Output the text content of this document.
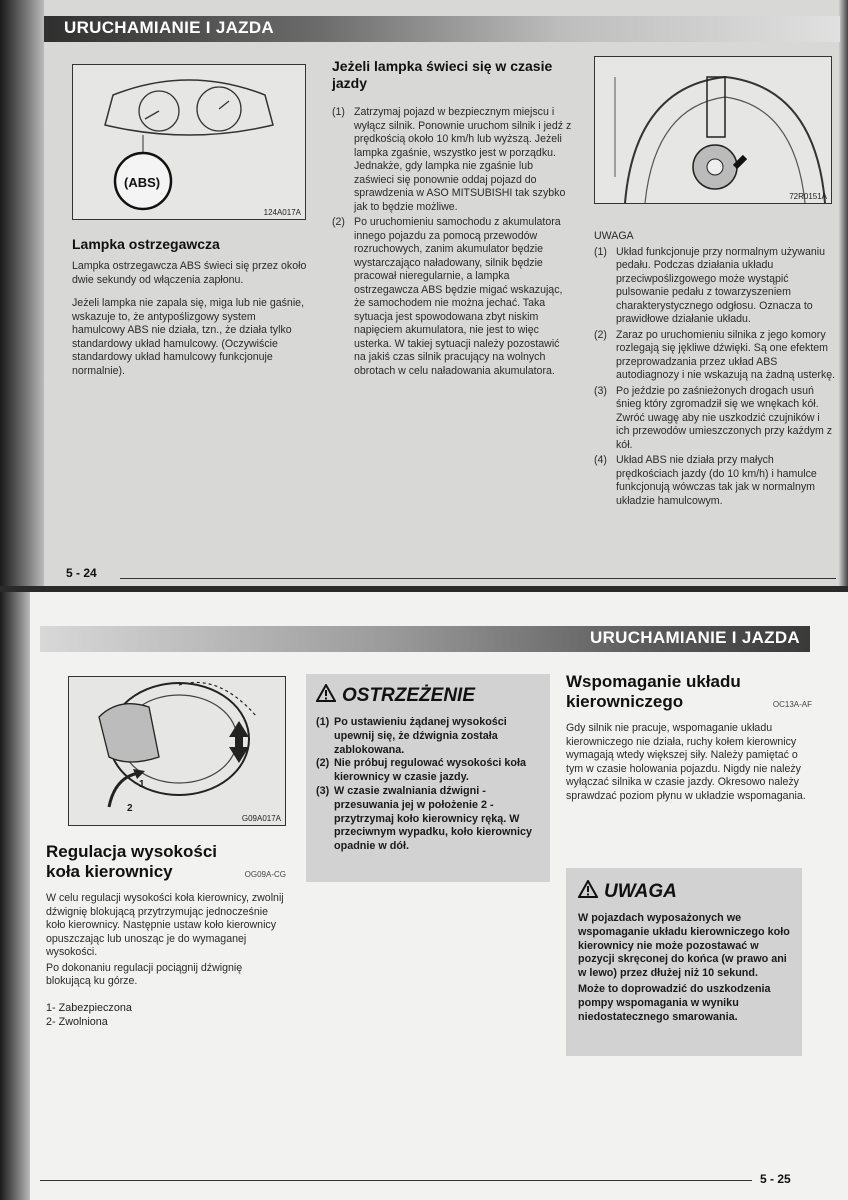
URUCHAMIANIE I JAZDA
(ABS)
124A017A
Lampka ostrzegawcza

Lampka ostrzegawcza ABS świeci się przez około dwie sekundy od włączenia zapłonu.

Jeżeli lampka nie zapala się, miga lub nie gaśnie, wskazuje to, że antypoślizgowy system hamulcowy ABS nie działa, tzn., że działa tylko standardowy układ hamulcowy. (Oczywiście standardowy układ hamulcowy funkcjonuje normalnie).

Jeżeli lampka świeci się w czasie jazdy
(1) Zatrzymaj pojazd w bezpiecznym miejscu i wyłącz silnik. Ponownie uruchom silnik i jedź z prędkością około 10 km/h lub wyższą. Jeżeli lampka zgaśnie, wszystko jest w porządku. Jednakże, gdy lampka nie zgaśnie lub zaświeci się ponownie oddaj pojazd do sprawdzenia w ASO MITSUBISHI tak szybko jak to będzie możliwe.
(2) Po uruchomieniu samochodu z akumulatora innego pojazdu za pomocą przewodów rozruchowych, zanim akumulator będzie wystarczająco naładowany, silnik będzie pracował nieregularnie, a lampka ostrzegawcza ABS będzie migać wskazując, że samochodem nie można jechać. Taka sytuacja jest spowodowana zbyt niskim napięciem akumulatora, nie jest to więc usterka. W takiej sytuacji należy pozostawić na jakiś czas silnik pracujący na wolnych obrotach w celu naładowania akumulatora.
72R0151A

UWAGA

(1) Układ funkcjonuje przy normalnym używaniu pedału. Podczas działania układu przeciwpoślizgowego może wystąpić pulsowanie pedału z towarzyszeniem charakterystycznego odgłosu. Oznacza to prawidłowe działanie układu.
(2) Zaraz po uruchomieniu silnika z jego komory rozlegają się jękliwe dźwięki. Są one efektem przeprowadzania przez układ ABS autodiagnozy i nie wskazują na żadną usterkę.
(3) Po jeździe po zaśnieżonych drogach usuń śnieg który zgromadził się we wnękach kół. Zwróć uwagę aby nie uszkodzić czujników i ich przewodów umieszczonych przy każdym z kół.
(4) Układ ABS nie działa przy małych prędkościach jazdy (do 10 km/h) i hamulce funkcjonują wówczas tak jak w normalnym układzie hamulcowym.
5 - 24
URUCHAMIANIE I JAZDA
1
2
G09A017A
Regulacja wysokości koła kierownicy	OG09A-CG

W celu regulacji wysokości koła kierownicy, zwolnij dźwignię blokującą przytrzymując jednocześnie koło kierownicy. Następnie ustaw koło kierownicy opuszczając lub unosząc je do wymaganej wysokości.

Po dokonaniu regulacji pociągnij dźwignię blokującą ku górze.

1- Zabezpieczona
2- Zwolniona
OSTRZEŻENIE
(1) Po ustawieniu żądanej wysokości upewnij się, że dźwignia została zablokowana.
(2) Nie próbuj regulować wysokości koła kierownicy w czasie jazdy.
(3) W czasie zwalniania dźwigni - przesuwania jej w położenie 2 - przytrzymaj koło kierownicy ręką. W przeciwnym wypadku, koło kierownicy opadnie w dół.
Wspomaganie układu kierowniczego	OC13A-AF

Gdy silnik nie pracuje, wspomaganie układu kierowniczego nie działa, ruchy kołem kierownicy wymagają wtedy większej siły. Należy pamiętać o tym w czasie holowania pojazdu. Nigdy nie należy wyłączać silnika w czasie jazdy. Okresowo należy sprawdzać poziom płynu w układzie wspomagania.

UWAGA

W pojazdach wyposażonych we wspomaganie układu kierowniczego koło kierownicy nie może pozostawać w pozycji skręconej do końca (w prawo ani w lewo) przez dłużej niż 10 sekund.

Może to doprowadzić do uszkodzenia pompy wspomagania w wyniku niedostatecznego smarowania.

5 - 25
